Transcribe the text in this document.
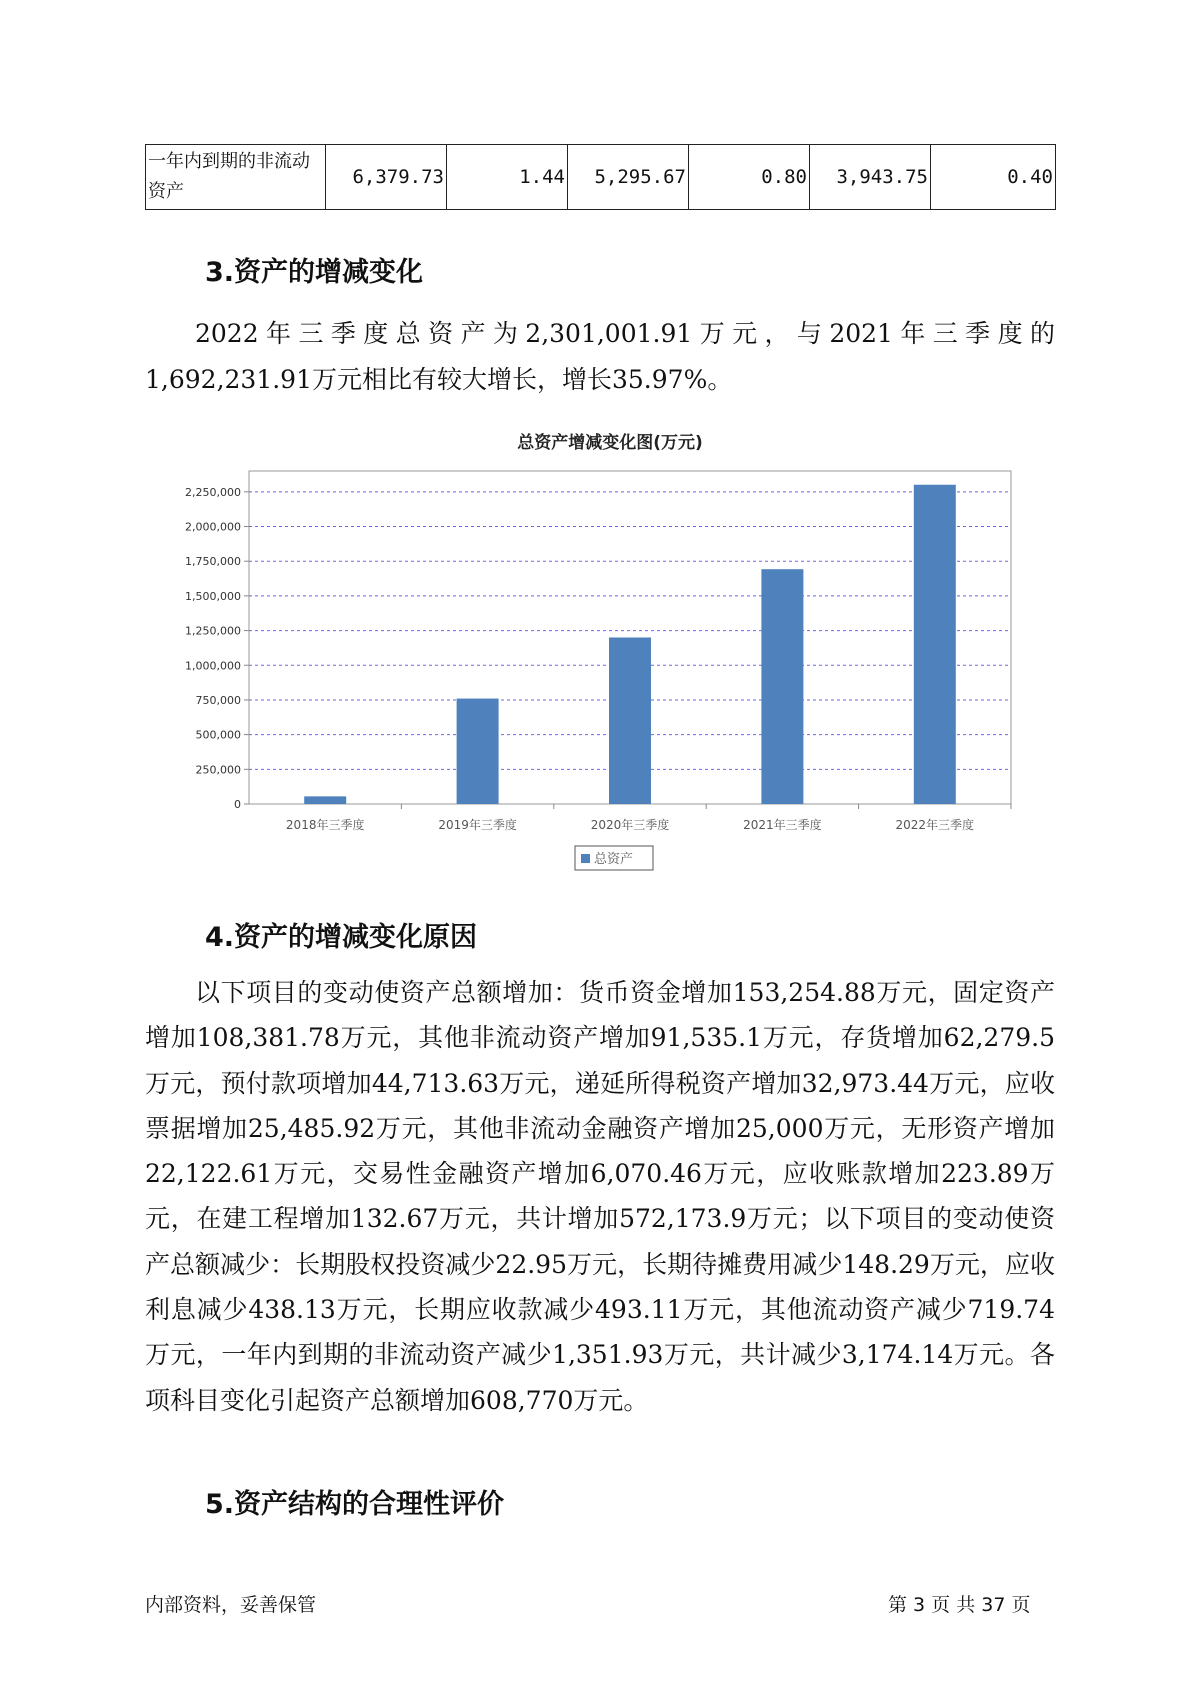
一年内到期的非流动资产	6,379.73	1.44	5,295.67	0.80	3,943.75	0.40
3.资产的增减变化

2022年三季度总资产为2,301,001.91万元，与2021年三季度的1,692,231.91万元相比有较大增长，增长35.97%。

总资产增减变化图(万元)
0
250,000
500,000
750,000
1,000,000
1,250,000
1,500,000
1,750,000
2,000,000
2,250,000
2018年三季度	2019年三季度	2020年三季度	2021年三季度	2022年三季度
总资产
4.资产的增减变化原因

以下项目的变动使资产总额增加：货币资金增加153,254.88万元，固定资产增加108,381.78万元，其他非流动资产增加91,535.1万元，存货增加62,279.5万元，预付款项增加44,713.63万元，递延所得税资产增加32,973.44万元，应收票据增加25,485.92万元，其他非流动金融资产增加25,000万元，无形资产增加22,122.61万元，交易性金融资产增加6,070.46万元，应收账款增加223.89万元，在建工程增加132.67万元，共计增加572,173.9万元；以下项目的变动使资产总额减少：长期股权投资减少22.95万元，长期待摊费用减少148.29万元，应收利息减少438.13万元，长期应收款减少493.11万元，其他流动资产减少719.74万元，一年内到期的非流动资产减少1,351.93万元，共计减少3,174.14万元。各项科目变化引起资产总额增加608,770万元。

5.资产结构的合理性评价
内部资料，妥善保管	第 3 页 共 37 页
